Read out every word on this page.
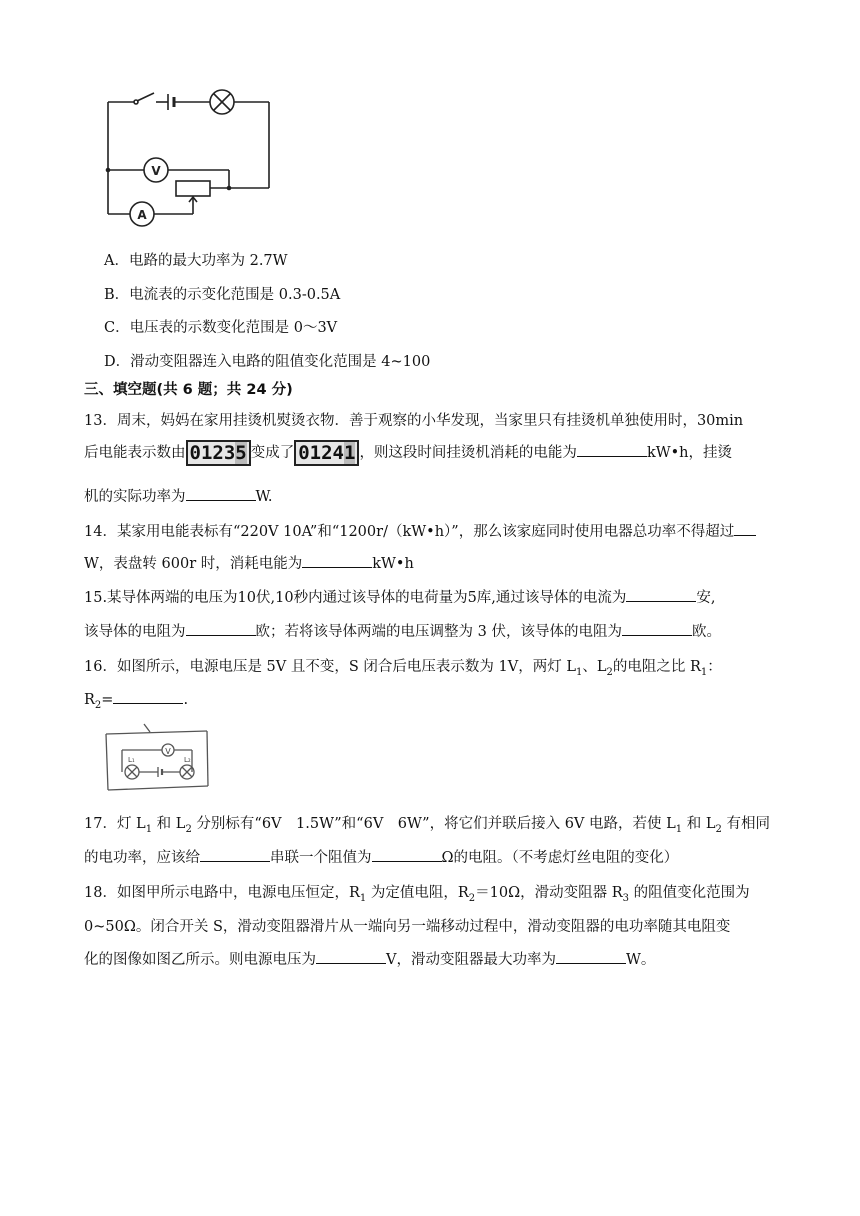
V
A
A．电路的最大功率为 2.7W
B．电流表的示变化范围是 0.3-0.5A
C．电压表的示数变化范围是 0～3V
D．滑动变阻器连入电路的阻值变化范围是 4~100
三、填空题(共 6 题；共 24 分)
13．周末，妈妈在家用挂烫机熨烫衣物．善于观察的小华发现，当家里只有挂烫机单独使用时，30min
后电能表示数由 01235 变成了 01241 ，则这段时间挂烫机消耗的电能为	kW•h，挂烫
机的实际功率为	W.
14．某家用电能表标有“220V 10A”和“1200r/（kW•h）”，那么该家庭同时使用电器总功率不得超过
W，表盘转 600r 时，消耗电能为	kW•h
15.某导体两端的电压为10伏,10秒内通过该导体的电荷量为5库,通过该导体的电流为	安,
该导体的电阻为	欧；若将该导体两端的电压调整为 3 伏，该导体的电阻为	欧。
16．如图所示，电源电压是 5V 且不变，S 闭合后电压表示数为 1V，两灯 $L_1$、$L_2$的电阻之比 $R_1$：
$R_2=$	.
V
L₁	L₂
17．灯 $L_1$ 和 $L_2$ 分别标有“6V　1.5W”和“6V　6W”，将它们并联后接入 6V 电路，若使 $L_1$ 和 $L_2$ 有相同
的电功率，应该给	串联一个阻值为	Ω的电阻。（不考虑灯丝电阻的变化）
18．如图甲所示电路中，电源电压恒定，$R_1$ 为定值电阻，$R_2=10\Omega$，滑动变阻器 $R_3$ 的阻值变化范围为
0~50Ω。闭合开关 S，滑动变阻器滑片从一端向另一端移动过程中，滑动变阻器的电功率随其电阻变
化的图像如图乙所示。则电源电压为	V，滑动变阻器最大功率为	W。
